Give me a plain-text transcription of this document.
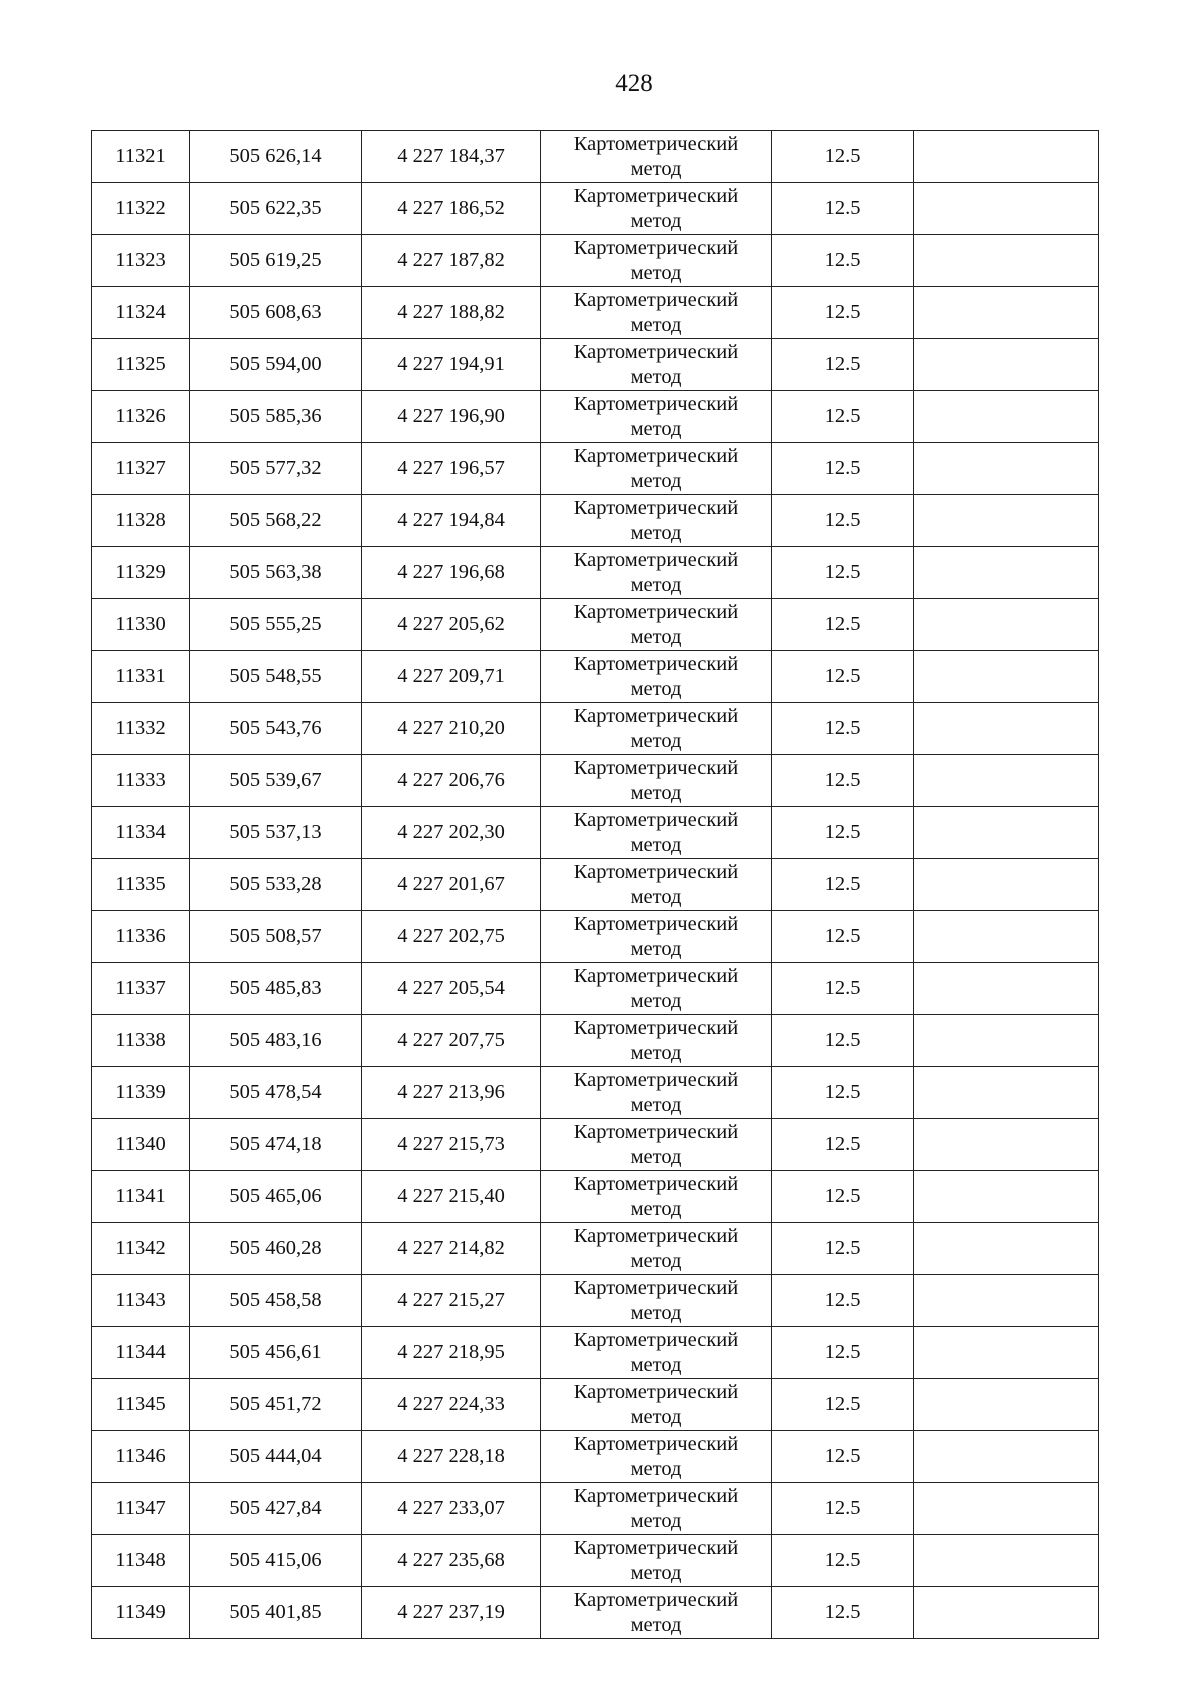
428
11321	505 626,14	4 227 184,37	Картометрический
метод	12.5	
11322	505 622,35	4 227 186,52	Картометрический
метод	12.5	
11323	505 619,25	4 227 187,82	Картометрический
метод	12.5	
11324	505 608,63	4 227 188,82	Картометрический
метод	12.5	
11325	505 594,00	4 227 194,91	Картометрический
метод	12.5	
11326	505 585,36	4 227 196,90	Картометрический
метод	12.5	
11327	505 577,32	4 227 196,57	Картометрический
метод	12.5	
11328	505 568,22	4 227 194,84	Картометрический
метод	12.5	
11329	505 563,38	4 227 196,68	Картометрический
метод	12.5	
11330	505 555,25	4 227 205,62	Картометрический
метод	12.5	
11331	505 548,55	4 227 209,71	Картометрический
метод	12.5	
11332	505 543,76	4 227 210,20	Картометрический
метод	12.5	
11333	505 539,67	4 227 206,76	Картометрический
метод	12.5	
11334	505 537,13	4 227 202,30	Картометрический
метод	12.5	
11335	505 533,28	4 227 201,67	Картометрический
метод	12.5	
11336	505 508,57	4 227 202,75	Картометрический
метод	12.5	
11337	505 485,83	4 227 205,54	Картометрический
метод	12.5	
11338	505 483,16	4 227 207,75	Картометрический
метод	12.5	
11339	505 478,54	4 227 213,96	Картометрический
метод	12.5	
11340	505 474,18	4 227 215,73	Картометрический
метод	12.5	
11341	505 465,06	4 227 215,40	Картометрический
метод	12.5	
11342	505 460,28	4 227 214,82	Картометрический
метод	12.5	
11343	505 458,58	4 227 215,27	Картометрический
метод	12.5	
11344	505 456,61	4 227 218,95	Картометрический
метод	12.5	
11345	505 451,72	4 227 224,33	Картометрический
метод	12.5	
11346	505 444,04	4 227 228,18	Картометрический
метод	12.5	
11347	505 427,84	4 227 233,07	Картометрический
метод	12.5	
11348	505 415,06	4 227 235,68	Картометрический
метод	12.5	
11349	505 401,85	4 227 237,19	Картометрический
метод	12.5	
